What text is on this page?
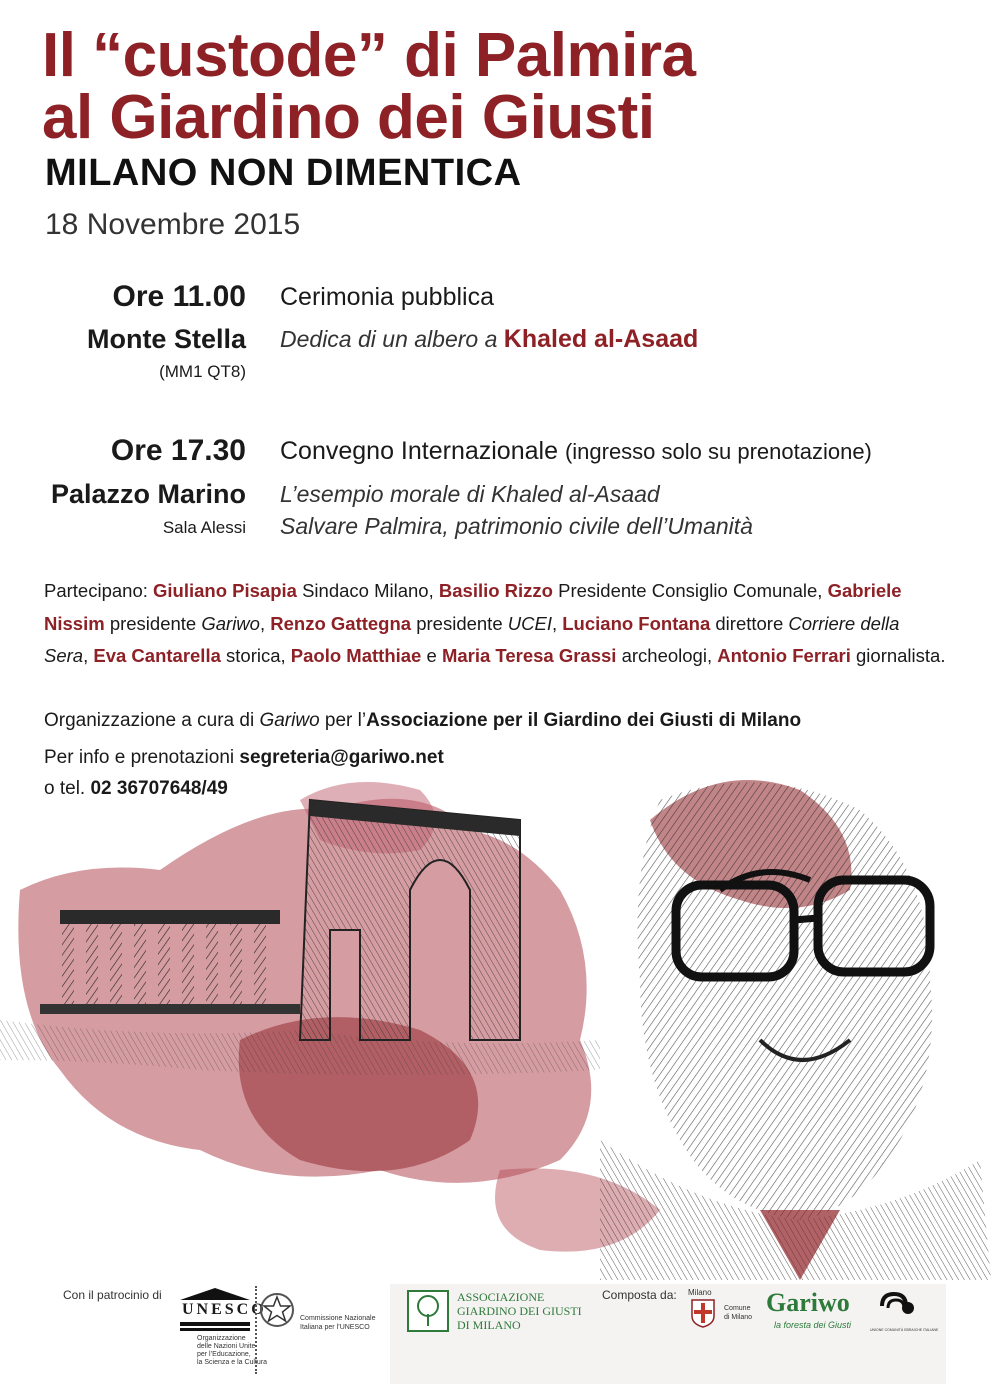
Il “custode” di Palmira
al Giardino dei Giusti
MILANO NON DIMENTICA
18 Novembre 2015
Ore 11.00
Monte Stella
(MM1 QT8)
Cerimonia pubblica
Dedica di un albero a Khaled al-Asaad
Ore 17.30
Palazzo Marino
Sala Alessi
Convegno Internazionale (ingresso solo su prenotazione)
L’esempio morale di Khaled al-Asaad
Salvare Palmira, patrimonio civile dell’Umanità
Partecipano: Giuliano Pisapia Sindaco Milano, Basilio Rizzo Presidente Consiglio Comunale, Gabriele Nissim presidente Gariwo, Renzo Gattegna presidente UCEI, Luciano Fontana direttore Corriere della Sera, Eva Cantarella storica, Paolo Matthiae e Maria Teresa Grassi archeologi, Antonio Ferrari giornalista.
Organizzazione a cura di Gariwo per l’Associazione per il Giardino dei Giusti di Milano
Per info e prenotazioni segreteria@gariwo.net
o tel. 02 36707648/49
Con il patrocinio di
UNESCO
Organizzazione
delle Nazioni Unite
per l’Educazione,
la Scienza e la Cultura
Commissione Nazionale
Italiana per l’UNESCO
ASSOCIAZIONE
GIARDINO DEI GIUSTI
DI MILANO
Composta da: Milano
Comune
di Milano
Gariwo
la foresta dei Giusti	UNIONE COMUNITÀ EBRAICHE ITALIANE
